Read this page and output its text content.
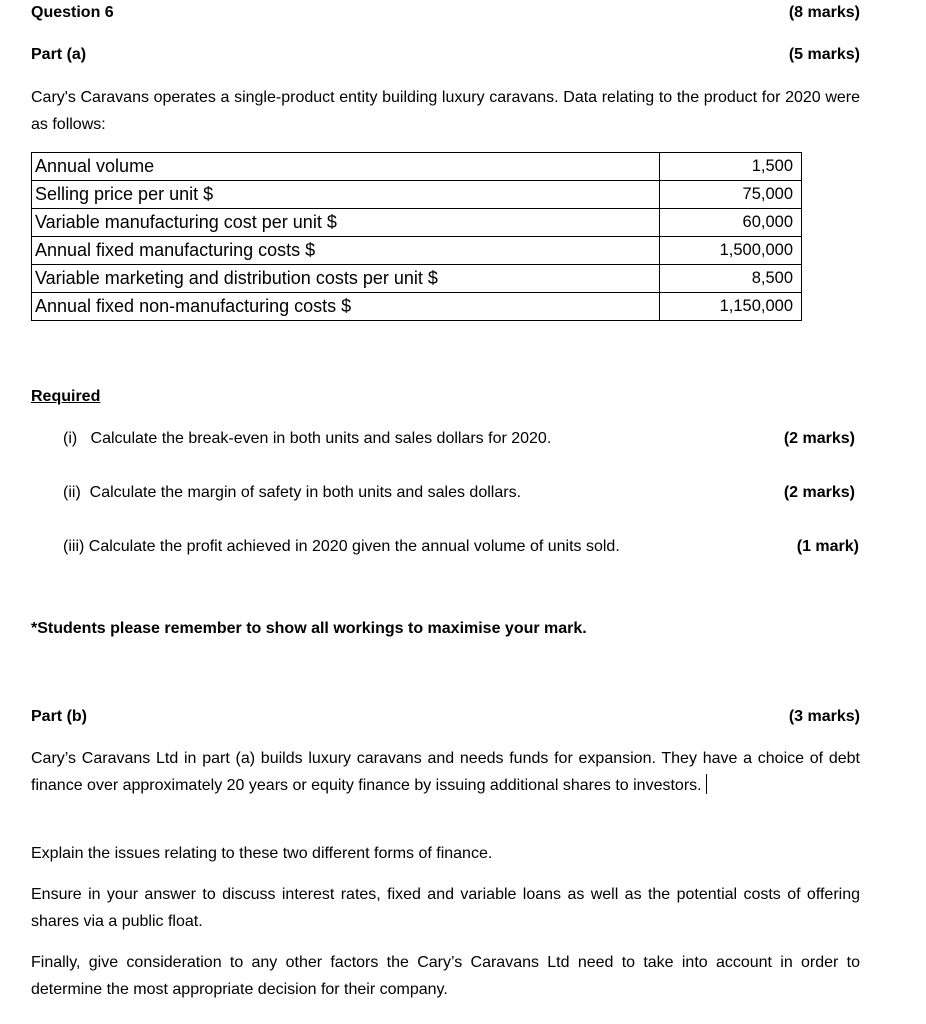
Question 6	(8 marks)
Part (a)	(5 marks)
Cary's Caravans operates a single-product entity building luxury caravans. Data relating to the product for 2020 were as follows:
Annual volume	1,500
Selling price per unit $	75,000
Variable manufacturing cost per unit $	60,000
Annual fixed manufacturing costs $	1,500,000
Variable marketing and distribution costs per unit $	8,500
Annual fixed non-manufacturing costs $	1,150,000
Required
(i)   Calculate the break-even in both units and sales dollars for 2020.	(2 marks)
(ii)  Calculate the margin of safety in both units and sales dollars.	(2 marks)
(iii) Calculate the profit achieved in 2020 given the annual volume of units sold.	(1 mark)
*Students please remember to show all workings to maximise your mark.
Part (b)	(3 marks)
Cary’s Caravans Ltd in part (a) builds luxury caravans and needs funds for expansion. They have a choice of debt finance over approximately 20 years or equity finance by issuing additional shares to investors.
Explain the issues relating to these two different forms of finance.
Ensure in your answer to discuss interest rates, fixed and variable loans as well as the potential costs of offering shares via a public float.
Finally, give consideration to any other factors the Cary’s Caravans Ltd need to take into account in order to determine the most appropriate decision for their company.
